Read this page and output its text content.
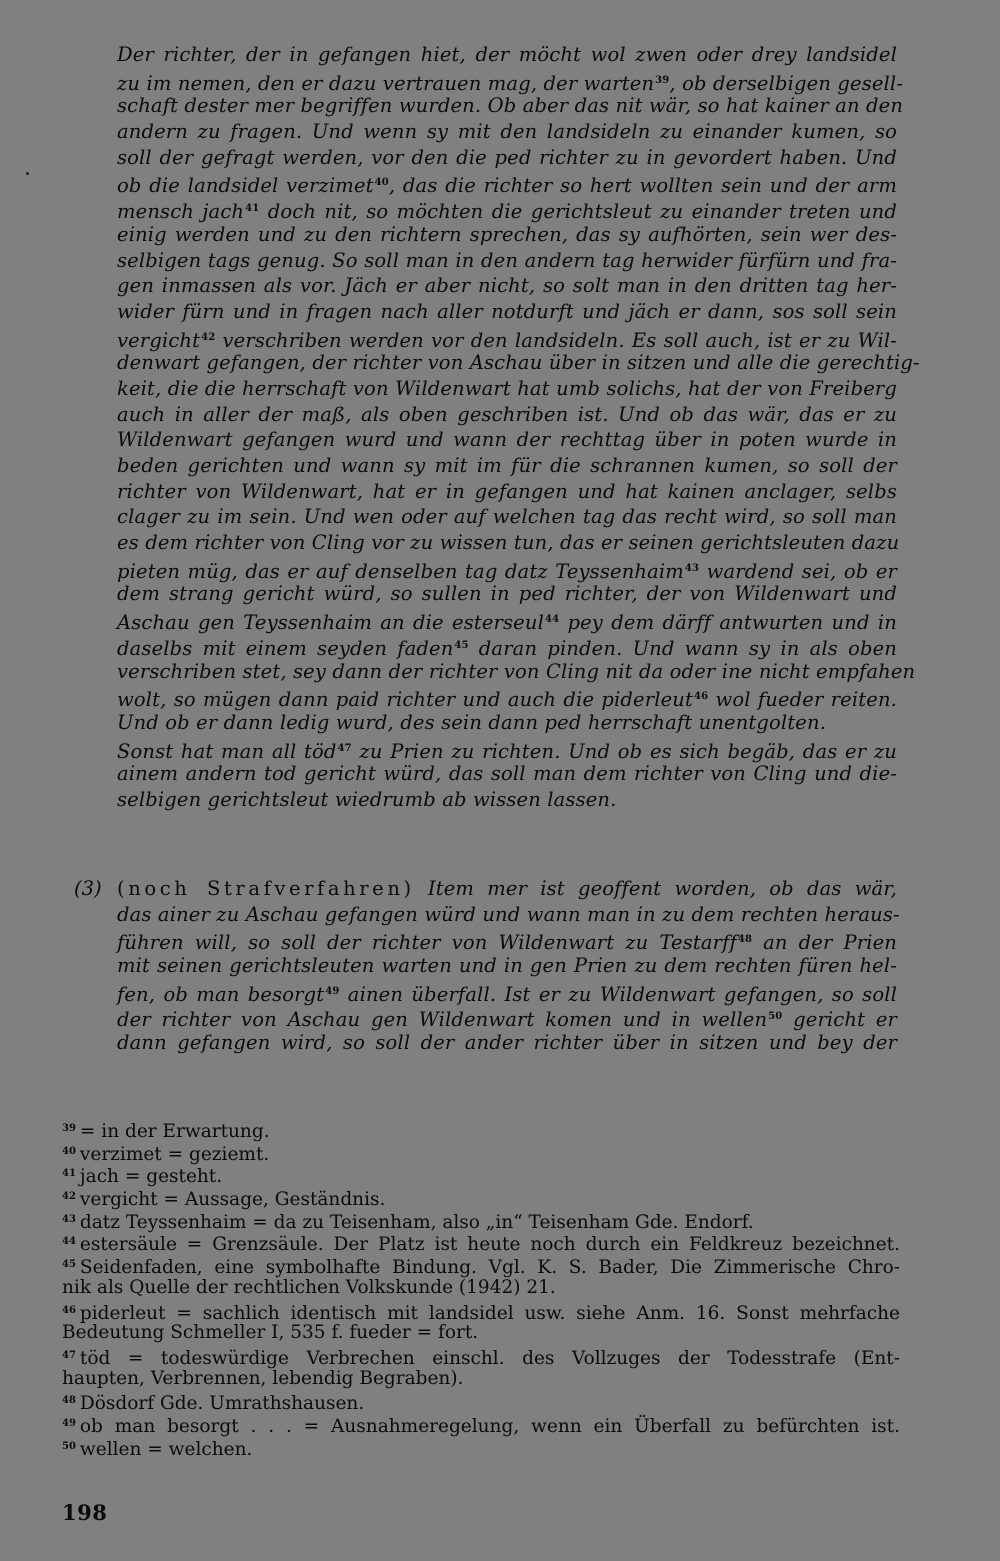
Der richter, der in gefangen hiet, der möcht wol zwen oder drey landsidel
zu im nemen, den er dazu vertrauen mag, der warten$^{39}$, ob derselbigen gesell-
schaft dester mer begriffen wurden. Ob aber das nit wär, so hat kainer an den
andern zu fragen. Und wenn sy mit den landsideln zu einander kumen, so
soll der gefragt werden, vor den die ped richter zu in gevordert haben. Und
ob die landsidel verzimet$^{40}$, das die richter so hert wollten sein und der arm
mensch jach$^{41}$ doch nit, so möchten die gerichtsleut zu einander treten und
einig werden und zu den richtern sprechen, das sy aufhörten, sein wer des-
selbigen tags genug. So soll man in den andern tag herwider fürfürn und fra-
gen inmassen als vor. Jäch er aber nicht, so solt man in den dritten tag her-
wider fürn und in fragen nach aller notdurft und jäch er dann, sos soll sein
vergicht$^{42}$ verschriben werden vor den landsideln. Es soll auch, ist er zu Wil-
denwart gefangen, der richter von Aschau über in sitzen und alle die gerechtig-
keit, die die herrschaft von Wildenwart hat umb solichs, hat der von Freiberg
auch in aller der maß, als oben geschriben ist. Und ob das wär, das er zu
Wildenwart gefangen wurd und wann der rechttag über in poten wurde in
beden gerichten und wann sy mit im für die schrannen kumen, so soll der
richter von Wildenwart, hat er in gefangen und hat kainen anclager, selbs
clager zu im sein. Und wen oder auf welchen tag das recht wird, so soll man
es dem richter von Cling vor zu wissen tun, das er seinen gerichtsleuten dazu
pieten müg, das er auf denselben tag datz Teyssenhaim$^{43}$ wardend sei, ob er
dem strang gericht würd, so sullen in ped richter, der von Wildenwart und
Aschau gen Teyssenhaim an die esterseul$^{44}$ pey dem därff antwurten und in
daselbs mit einem seyden faden$^{45}$ daran pinden. Und wann sy in als oben
verschriben stet, sey dann der richter von Cling nit da oder ine nicht empfahen
wolt, so mügen dann paid richter und auch die piderleut$^{46}$ wol fueder reiten.
Und ob er dann ledig wurd, des sein dann ped herrschaft unentgolten.
Sonst hat man all töd$^{47}$ zu Prien zu richten. Und ob es sich begäb, das er zu
ainem andern tod gericht würd, das soll man dem richter von Cling und die-
selbigen gerichtsleut wiedrumb ab wissen lassen.
(3) (noch Strafverfahren) Item mer ist geoffent worden, ob das wär,
das ainer zu Aschau gefangen würd und wann man in zu dem rechten heraus-
führen will, so soll der richter von Wildenwart zu Testarff$^{48}$ an der Prien
mit seinen gerichtsleuten warten und in gen Prien zu dem rechten füren hel-
fen, ob man besorgt$^{49}$ ainen überfall. Ist er zu Wildenwart gefangen, so soll
der richter von Aschau gen Wildenwart komen und in wellen$^{50}$ gericht er
dann gefangen wird, so soll der ander richter über in sitzen und bey der
$^{39}$ = in der Erwartung.
$^{40}$ verzimet = geziemt.
$^{41}$ jach = gesteht.
$^{42}$ vergicht = Aussage, Geständnis.
$^{43}$ datz Teyssenhaim = da zu Teisenham, also „in“ Teisenham Gde. Endorf.
$^{44}$ estersäule = Grenzsäule. Der Platz ist heute noch durch ein Feldkreuz bezeichnet.
$^{45}$ Seidenfaden, eine symbolhafte Bindung. Vgl. K. S. Bader, Die Zimmerische Chro-
nik als Quelle der rechtlichen Volkskunde (1942) 21.
$^{46}$ piderleut = sachlich identisch mit landsidel usw. siehe Anm. 16. Sonst mehrfache
Bedeutung Schmeller I, 535 f. fueder = fort.
$^{47}$ töd = todeswürdige Verbrechen einschl. des Vollzuges der Todesstrafe (Ent-
haupten, Verbrennen, lebendig Begraben).
$^{48}$ Dösdorf Gde. Umrathshausen.
$^{49}$ ob man besorgt . . . = Ausnahmeregelung, wenn ein Überfall zu befürchten ist.
$^{50}$ wellen = welchen.
198
